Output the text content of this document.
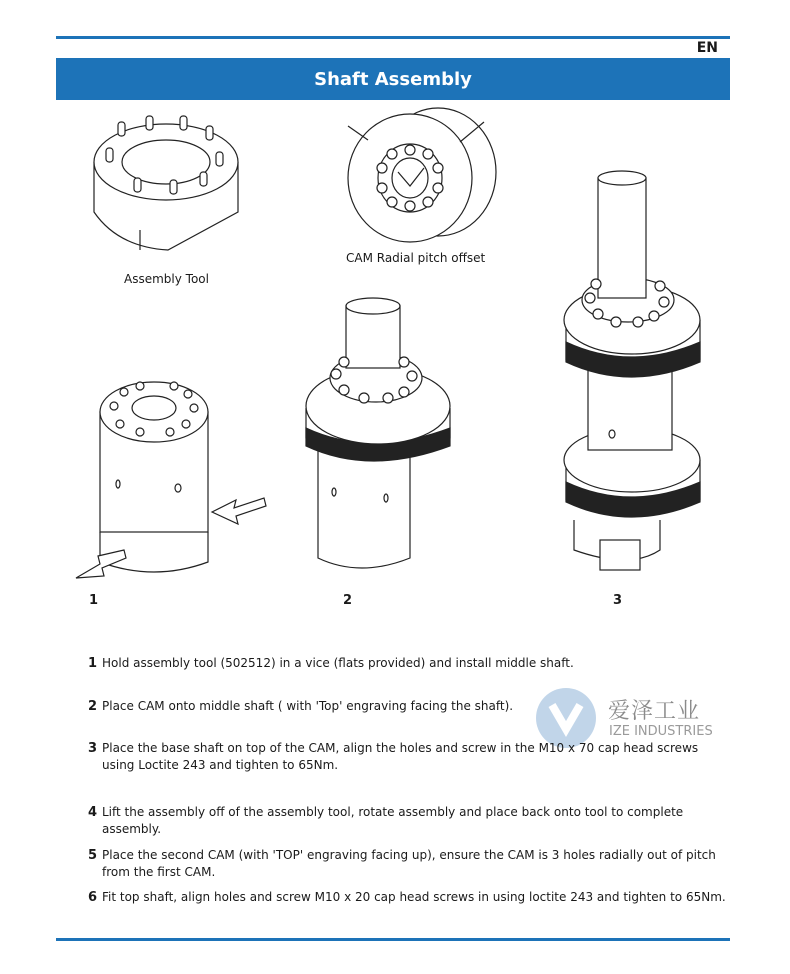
EN
Shaft Assembly
Assembly Tool
CAM Radial pitch offset
1	2	3
爱泽工业
IZE INDUSTRIES
1 Hold assembly tool (502512) in a vice (flats provided) and install middle shaft.
2 Place CAM onto middle shaft ( with 'Top' engraving facing the shaft).
3 Place the base shaft on top of the CAM, align the holes and screw in the M10 x 70 cap head screws using Loctite 243 and tighten to 65Nm.
4 Lift the assembly off of the assembly tool, rotate assembly and place back onto tool to complete assembly.
5 Place the second CAM (with 'TOP' engraving facing up), ensure the CAM is 3 holes radially out of pitch from the first CAM.
6 Fit top shaft, align holes and screw M10 x 20 cap head screws in using loctite 243 and tighten to 65Nm.
